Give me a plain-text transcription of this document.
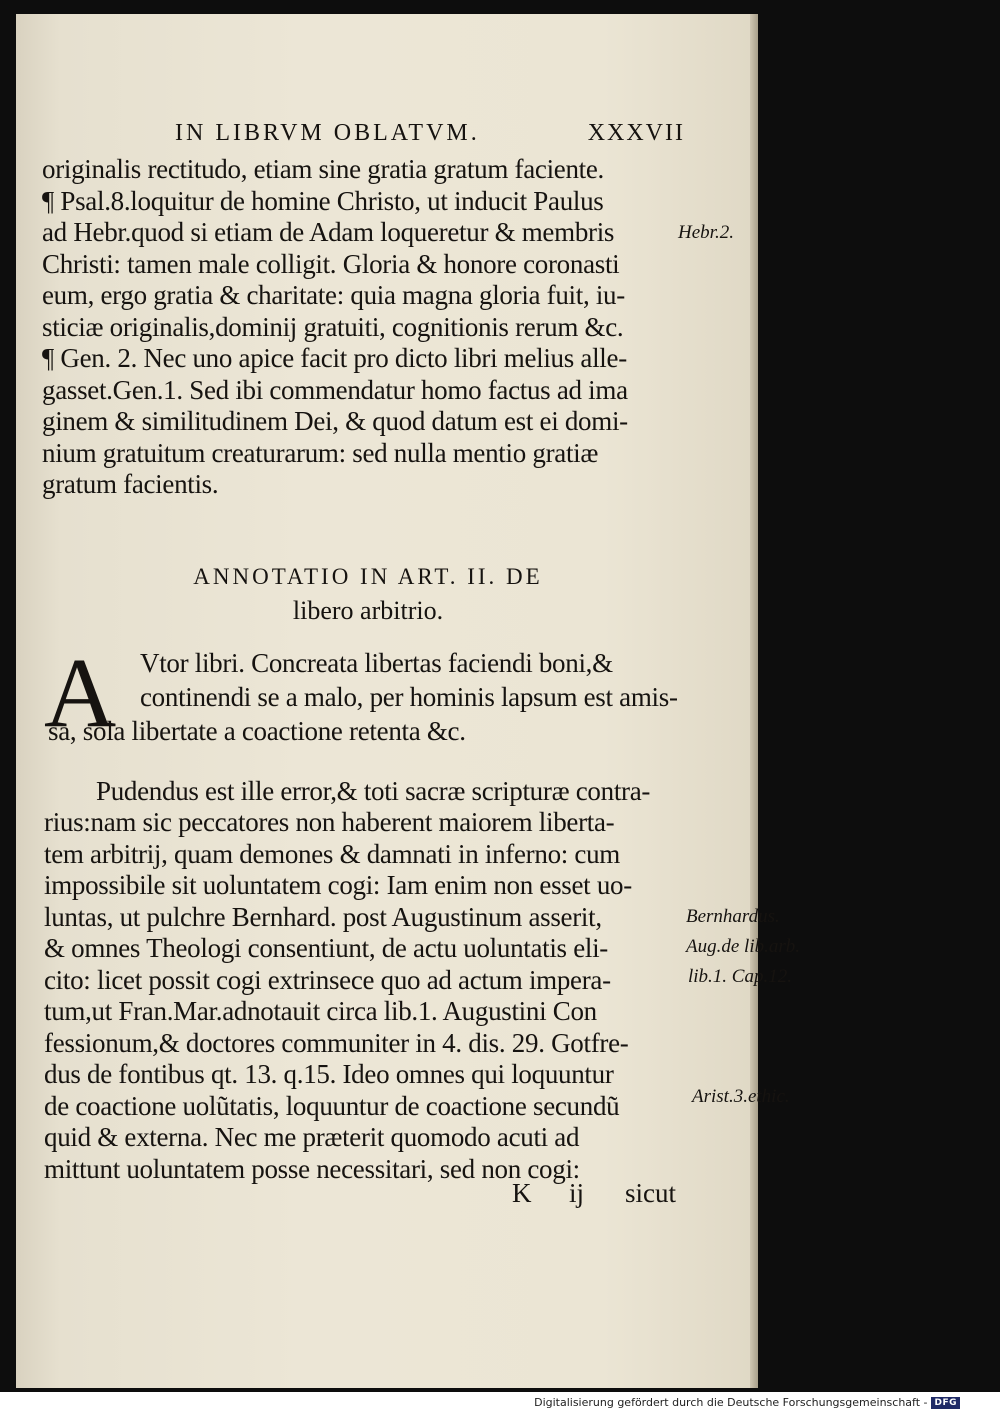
IN LIBRVM OBLATVM.	XXXVII
originalis rectitudo, etiam sine gratia gratum faciente.
¶ Psal.8.loquitur de homine Christo, ut inducit Paulus
ad Hebr.quod si etiam de Adam loqueretur & membris
Christi: tamen male colligit. Gloria & honore coronasti
eum, ergo gratia & charitate: quia magna gloria fuit, iu-
sticiæ originalis,dominij gratuiti, cognitionis rerum &c.
¶ Gen. 2. Nec uno apice facit pro dicto libri melius alle-
gasset.Gen.1. Sed ibi commendatur homo factus ad ima
ginem & similitudinem Dei, & quod datum est ei domi-
nium gratuitum creaturarum: sed nulla mentio gratiæ
gratum facientis.
ANNOTATIO IN ART. II. DE
libero arbitrio.
A Vtor libri. Concreata libertas faciendi boni,&
continendi se a malo, per hominis lapsum est amis-
sa, sola libertate a coactione retenta &c.
Pudendus est ille error,& toti sacræ scripturæ contra-
rius:nam sic peccatores non haberent maiorem liberta-
tem arbitrij, quam demones & damnati in inferno: cum
impossibile sit uoluntatem cogi: Iam enim non esset uo-
luntas, ut pulchre Bernhard. post Augustinum asserit,
& omnes Theologi consentiunt, de actu uoluntatis eli-
cito: licet possit cogi extrinsece quo ad actum impera-
tum,ut Fran.Mar.adnotauit circa lib.1. Augustini Con
fessionum,& doctores communiter in 4. dis. 29. Gotfre-
dus de fontibus qt. 13. q.15. Ideo omnes qui loquuntur
de coactione uolũtatis, loquuntur de coactione secundũ
quid & externa. Nec me præterit quomodo acuti ad
mittunt uoluntatem posse necessitari, sed non cogi:
K ij sicut
Hebr.2.
Bernhardus.
Aug.de lib.arb.
lib.1. Cap.12.
Arist.3.ethic.
Digitalisierung gefördert durch die Deutsche Forschungsgemeinschaft - DFG
